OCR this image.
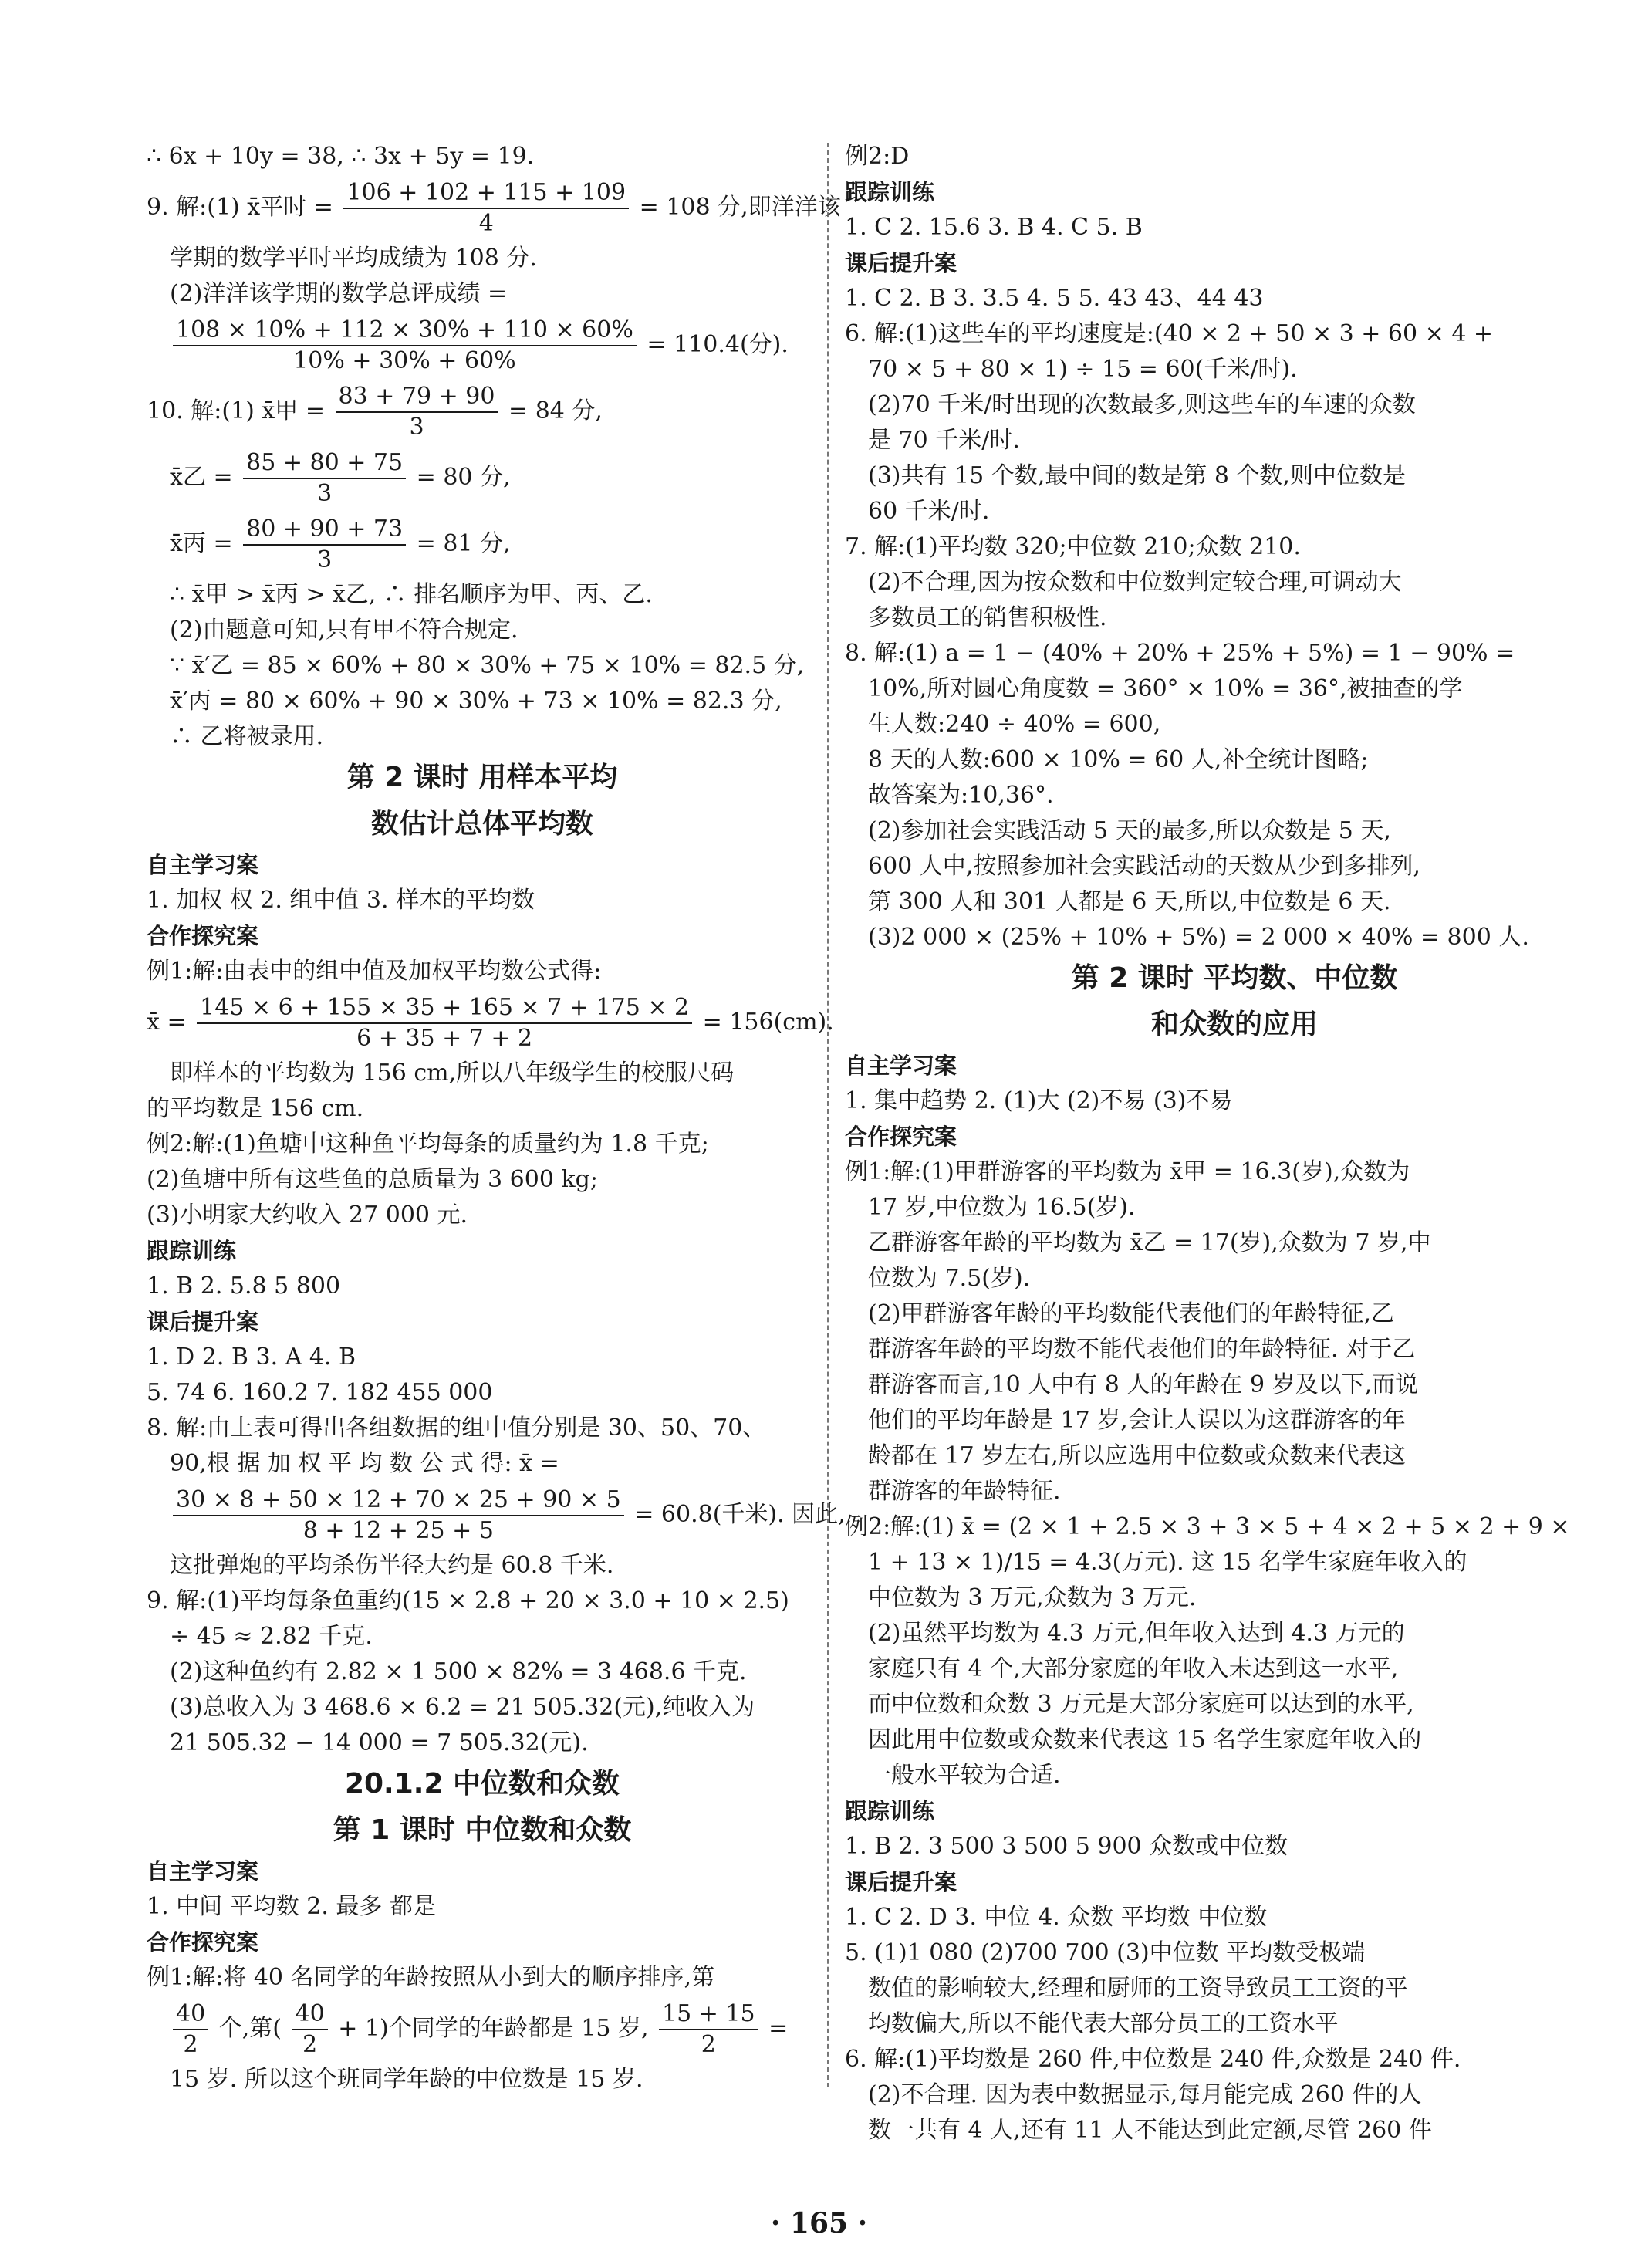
∴ 6x + 10y = 38, ∴ 3x + 5y = 19.
9. 解:(1) x̄平时 = $\frac{106 + 102 + 115 + 109}{4} = 108$ 分,即洋洋该
学期的数学平时平均成绩为 108 分.
(2)洋洋该学期的数学总评成绩 =
$\frac{108 \times 10\% + 112 \times 30\% + 110 \times 60\%}{10\% + 30\% + 60\%} = 110.4$(分).
10. 解:(1) x̄甲 = $\frac{83 + 79 + 90}{3} = 84$ 分,
x̄乙 = $\frac{85 + 80 + 75}{3} = 80$ 分,
x̄丙 = $\frac{80 + 90 + 73}{3} = 81$ 分,
∴ x̄甲 > x̄丙 > x̄乙, ∴ 排名顺序为甲、丙、乙.
(2)由题意可知,只有甲不符合规定.
∵ x̄′乙 = 85 × 60% + 80 × 30% + 75 × 10% = 82.5 分,
x̄′丙 = 80 × 60% + 90 × 30% + 73 × 10% = 82.3 分,
∴ 乙将被录用.
第 2 课时 用样本平均
数估计总体平均数
自主学习案
1. 加权 权 2. 组中值 3. 样本的平均数
合作探究案
例1:解:由表中的组中值及加权平均数公式得:
x̄ = $\frac{145 \times 6 + 155 \times 35 + 165 \times 7 + 175 \times 2}{6 + 35 + 7 + 2} = 156(cm)$.
即样本的平均数为 156 cm,所以八年级学生的校服尺码
的平均数是 156 cm.
例2:解:(1)鱼塘中这种鱼平均每条的质量约为 1.8 千克;
(2)鱼塘中所有这些鱼的总质量为 3 600 kg;
(3)小明家大约收入 27 000 元.
跟踪训练
1. B 2. 5.8 5 800
课后提升案
1. D 2. B 3. A 4. B
5. 74 6. 160.2 7. 182 455 000
8. 解:由上表可得出各组数据的组中值分别是 30、50、70、
90,根 据 加 权 平 均 数 公 式 得: x̄ =
$\frac{30 \times 8 + 50 \times 12 + 70 \times 25 + 90 \times 5}{8 + 12 + 25 + 5} = 60.8$(千米). 因此,
这批弹炮的平均杀伤半径大约是 60.8 千米.
9. 解:(1)平均每条鱼重约(15 × 2.8 + 20 × 3.0 + 10 × 2.5)
÷ 45 ≈ 2.82 千克.
(2)这种鱼约有 2.82 × 1 500 × 82% = 3 468.6 千克.
(3)总收入为 3 468.6 × 6.2 = 21 505.32(元),纯收入为
21 505.32 − 14 000 = 7 505.32(元).
20.1.2 中位数和众数
第 1 课时 中位数和众数
自主学习案
1. 中间 平均数 2. 最多 都是
合作探究案
例1:解:将 40 名同学的年龄按照从小到大的顺序排序,第
$\frac{40}{2}$ 个,第( $\frac{40}{2} + 1$)个同学的年龄都是 15 岁, $\frac{15 + 15}{2}$ =
15 岁. 所以这个班同学年龄的中位数是 15 岁.
例2:D
跟踪训练
1. C 2. 15.6 3. B 4. C 5. B
课后提升案
1. C 2. B 3. 3.5 4. 5 5. 43 43、44 43
6. 解:(1)这些车的平均速度是:(40 × 2 + 50 × 3 + 60 × 4 +
70 × 5 + 80 × 1) ÷ 15 = 60(千米/时).
(2)70 千米/时出现的次数最多,则这些车的车速的众数
是 70 千米/时.
(3)共有 15 个数,最中间的数是第 8 个数,则中位数是
60 千米/时.
7. 解:(1)平均数 320;中位数 210;众数 210.
(2)不合理,因为按众数和中位数判定较合理,可调动大
多数员工的销售积极性.
8. 解:(1) a = 1 − (40% + 20% + 25% + 5%) = 1 − 90% =
10%,所对圆心角度数 = 360° × 10% = 36°,被抽查的学
生人数:240 ÷ 40% = 600,
8 天的人数:600 × 10% = 60 人,补全统计图略;
故答案为:10,36°.
(2)参加社会实践活动 5 天的最多,所以众数是 5 天,
600 人中,按照参加社会实践活动的天数从少到多排列,
第 300 人和 301 人都是 6 天,所以,中位数是 6 天.
(3)2 000 × (25% + 10% + 5%) = 2 000 × 40% = 800 人.
第 2 课时 平均数、中位数
和众数的应用
自主学习案
1. 集中趋势 2. (1)大 (2)不易 (3)不易
合作探究案
例1:解:(1)甲群游客的平均数为 x̄甲 = 16.3(岁),众数为
17 岁,中位数为 16.5(岁).
乙群游客年龄的平均数为 x̄乙 = 17(岁),众数为 7 岁,中
位数为 7.5(岁).
(2)甲群游客年龄的平均数能代表他们的年龄特征,乙
群游客年龄的平均数不能代表他们的年龄特征. 对于乙
群游客而言,10 人中有 8 人的年龄在 9 岁及以下,而说
他们的平均年龄是 17 岁,会让人误以为这群游客的年
龄都在 17 岁左右,所以应选用中位数或众数来代表这
群游客的年龄特征.
例2:解:(1) x̄ = (2 × 1 + 2.5 × 3 + 3 × 5 + 4 × 2 + 5 × 2 + 9 ×
1 + 13 × 1)/15 = 4.3(万元). 这 15 名学生家庭年收入的
中位数为 3 万元,众数为 3 万元.
(2)虽然平均数为 4.3 万元,但年收入达到 4.3 万元的
家庭只有 4 个,大部分家庭的年收入未达到这一水平,
而中位数和众数 3 万元是大部分家庭可以达到的水平,
因此用中位数或众数来代表这 15 名学生家庭年收入的
一般水平较为合适.
跟踪训练
1. B 2. 3 500 3 500 5 900 众数或中位数
课后提升案
1. C 2. D 3. 中位 4. 众数 平均数 中位数
5. (1)1 080 (2)700 700 (3)中位数 平均数受极端
数值的影响较大,经理和厨师的工资导致员工工资的平
均数偏大,所以不能代表大部分员工的工资水平
6. 解:(1)平均数是 260 件,中位数是 240 件,众数是 240 件.
(2)不合理. 因为表中数据显示,每月能完成 260 件的人
数一共有 4 人,还有 11 人不能达到此定额,尽管 260 件
· 165 ·
